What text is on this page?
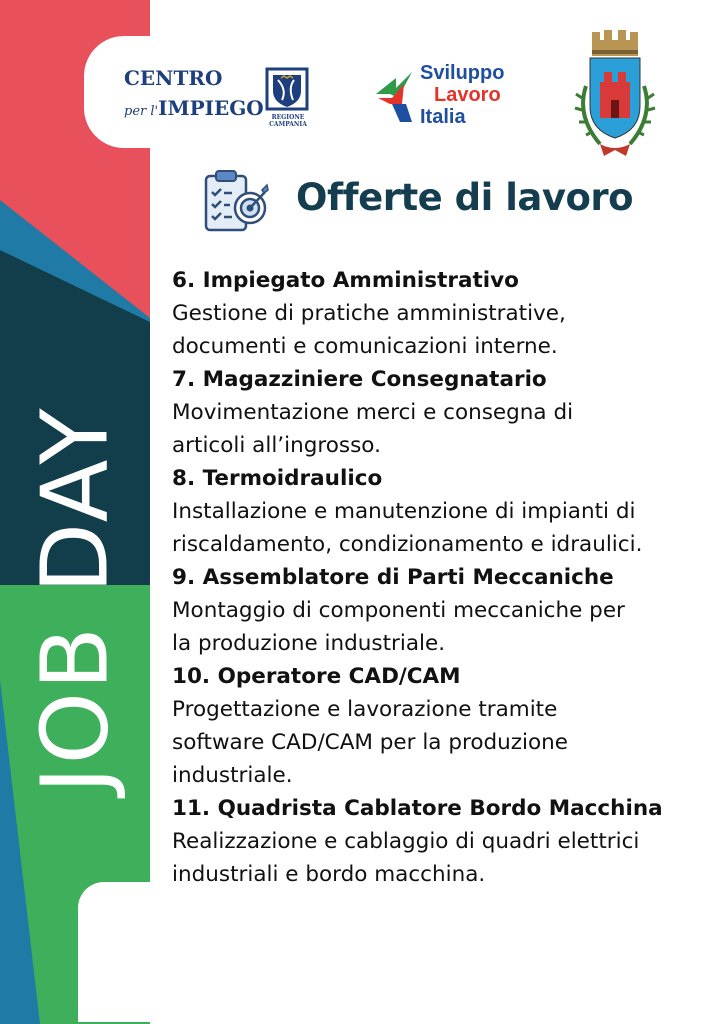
JOB DAY
CENTRO
per l'IMPIEGO	REGIONE CAMPANIA
Sviluppo
Lavoro
Italia
Offerte di lavoro
6. Impiegato Amministrativo
Gestione di pratiche amministrative,
documenti e comunicazioni interne.
7. Magazziniere Consegnatario
Movimentazione merci e consegna di
articoli all’ingrosso.
8. Termoidraulico
Installazione e manutenzione di impianti di
riscaldamento, condizionamento e idraulici.
9. Assemblatore di Parti Meccaniche
Montaggio di componenti meccaniche per
la produzione industriale.
10. Operatore CAD/CAM
Progettazione e lavorazione tramite
software CAD/CAM per la produzione
industriale.
11. Quadrista Cablatore Bordo Macchina
Realizzazione e cablaggio di quadri elettrici
industriali e bordo macchina.
